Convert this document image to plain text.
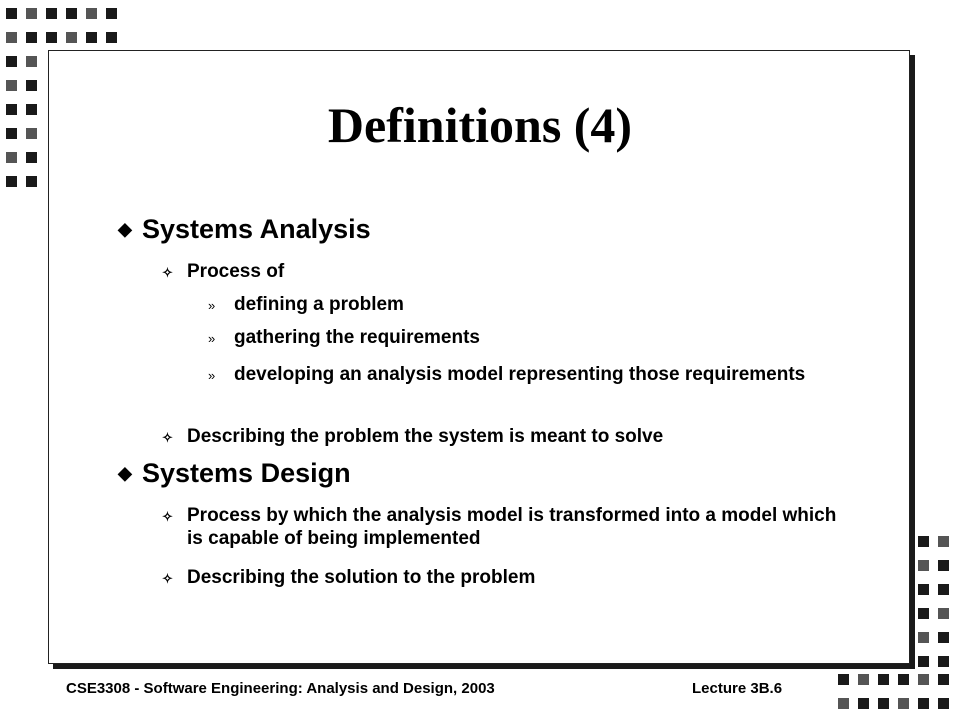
Definitions (4)
◆ Systems Analysis
✧ Process of
» defining a problem
» gathering the requirements
» developing an analysis model representing those requirements
✧ Describing the problem the system is meant to solve
◆ Systems Design
✧ Process by which the analysis model is transformed into a model which is capable of being implemented
✧ Describing the solution to the problem
CSE3308 - Software Engineering: Analysis and Design, 2003	Lecture 3B.6
